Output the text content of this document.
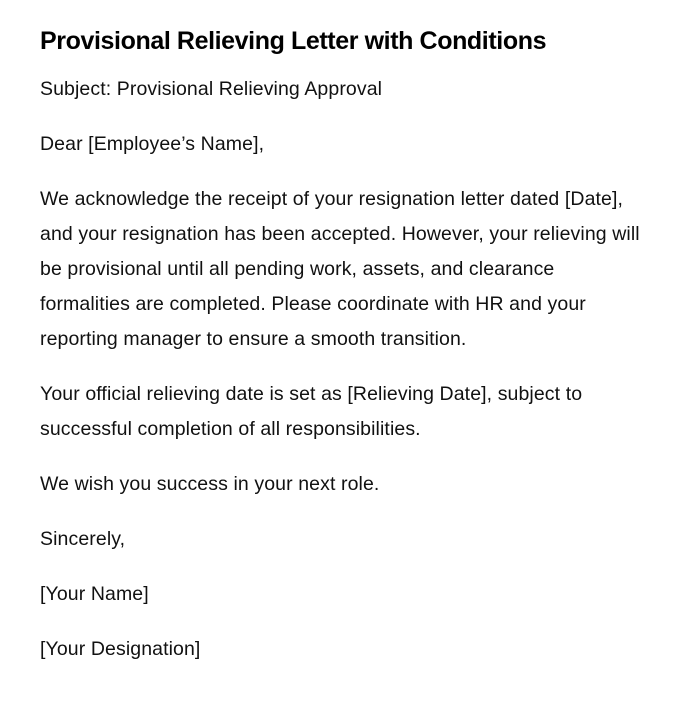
Provisional Relieving Letter with Conditions

Subject: Provisional Relieving Approval

Dear [Employee’s Name],

We acknowledge the receipt of your resignation letter dated [Date], and your resignation has been accepted. However, your relieving will be provisional until all pending work, assets, and clearance formalities are completed. Please coordinate with HR and your reporting manager to ensure a smooth transition.

Your official relieving date is set as [Relieving Date], subject to successful completion of all responsibilities.

We wish you success in your next role.

Sincerely,

[Your Name]

[Your Designation]
